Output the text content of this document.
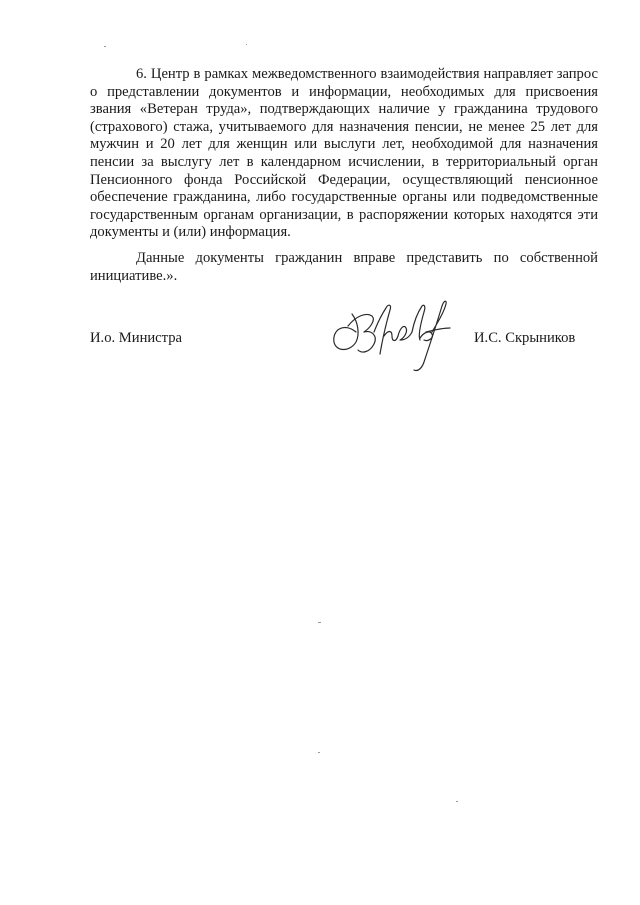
6. Центр в рамках межведомственного взаимодействия направляет запрос о представлении документов и информации, необходимых для присвоения звания «Ветеран труда», подтверждающих наличие у гражданина трудового (страхового) стажа, учитываемого для назначения пенсии, не менее 25 лет для мужчин и 20 лет для женщин или выслуги лет, необходимой для назначения пенсии за выслугу лет в календарном исчислении, в территориальный орган Пенсионного фонда Российской Федерации, осуществляющий пенсионное обеспечение гражданина, либо государственные органы или подведомственные государственным органам организации, в распоряжении которых находятся эти документы и (или) информация.

Данные документы гражданин вправе представить по собственной инициативе.».

И.о. Министра	И.С. Скрыников
